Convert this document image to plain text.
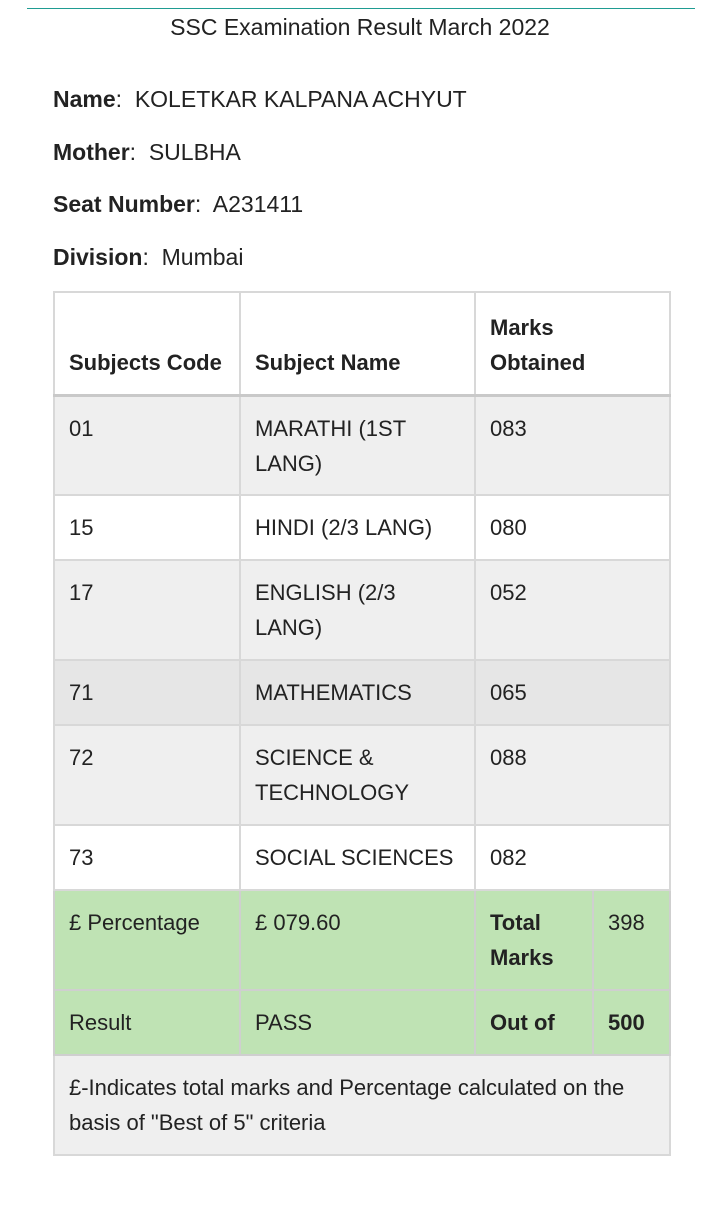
SSC Examination Result March 2022
Name:  KOLETKAR KALPANA ACHYUT
Mother:  SULBHA
Seat Number:  A231411
Division:  Mumbai
Subjects Code	Subject Name	Marks Obtained	
01	MARATHI (1ST LANG)	083	
15	HINDI (2/3 LANG)	080	
17	ENGLISH (2/3 LANG)	052	
71	MATHEMATICS	065	
72	SCIENCE & TECHNOLOGY	088	
73	SOCIAL SCIENCES	082	
£ Percentage	£ 079.60	Total Marks	398
Result	PASS	Out of	500
£-Indicates total marks and Percentage calculated on the basis of "Best of 5" criteria			
